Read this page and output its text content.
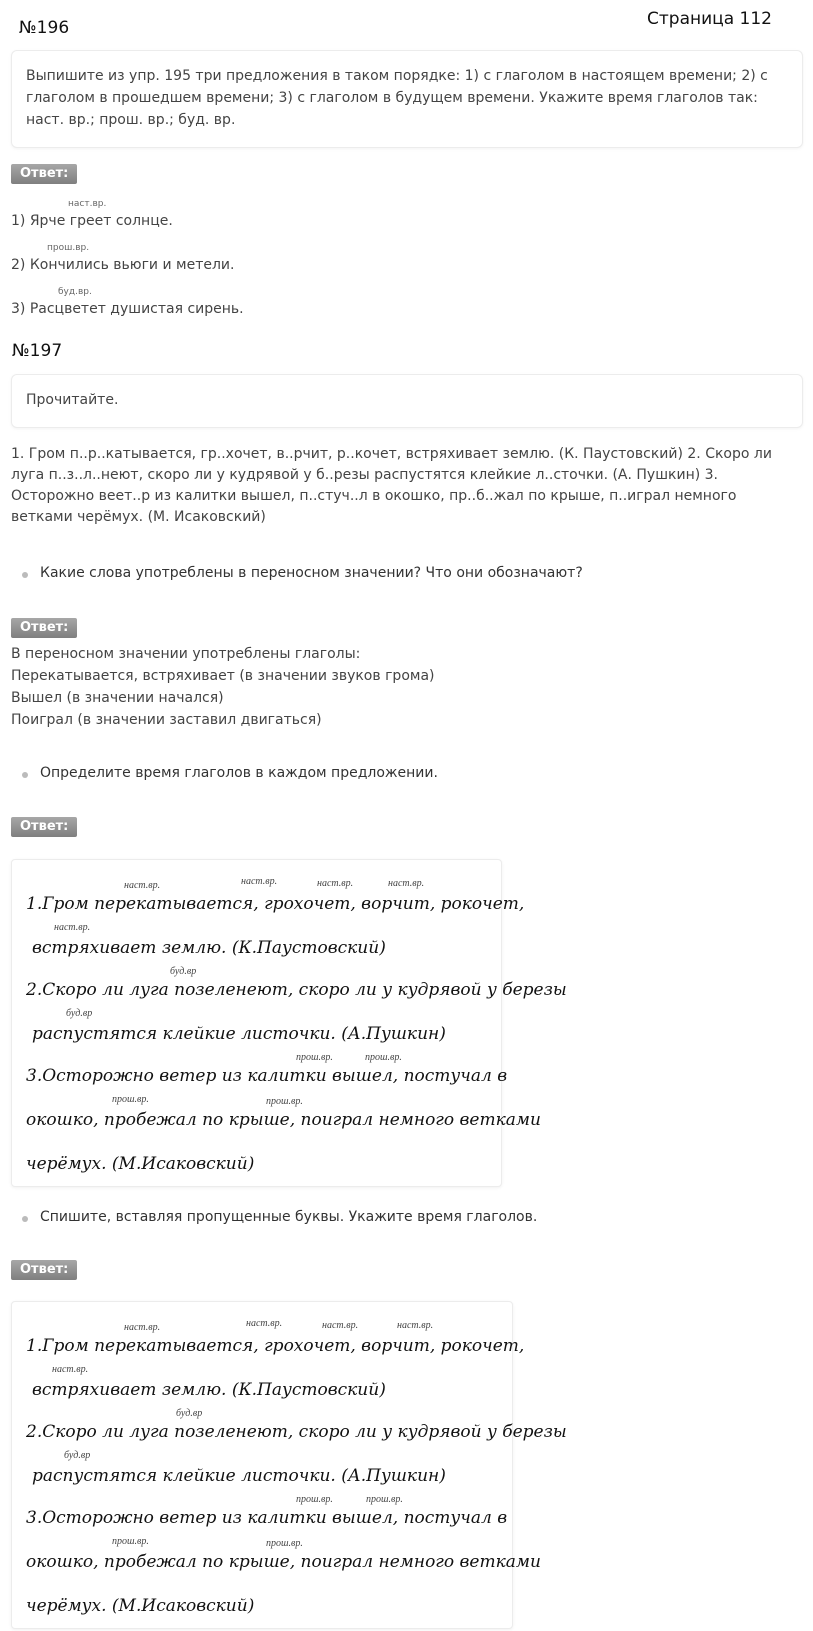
№196	Страница 112
Выпишите из упр. 195 три предложения в таком порядке: 1) с глаголом в настоящем времени; 2) с глаголом в прошедшем времени; 3) с глаголом в будущем времени. Укажите время глаголов так: наст. вр.; прош. вр.; буд. вр.
Ответ:
наст.вр.
1) Ярче греет солнце.
прош.вр.
2) Кончились вьюги и метели.
буд.вр.
3) Расцветет душистая сирень.
№197
Прочитайте.
1. Гром п..р..катывается, гр..хочет, в..рчит, р..кочет, встряхивает землю. (К. Паустовский) 2. Скоро ли луга п..з..л..неют, скоро ли у кудрявой у б..резы распустятся клейкие л..сточки. (А. Пушкин) 3. Осторожно веет..р из калитки вышел, п..стуч..л в окошко, пр..б..жал по крыше, п..играл немного ветками черёмух. (М. Исаковский)
Какие слова употреблены в переносном значении? Что они обозначают?
Ответ:
В переносном значении употреблены глаголы:
Перекатывается, встряхивает (в значении звуков грома)
Вышел (в значении начался)
Поиграл (в значении заставил двигаться)
Определите время глаголов в каждом предложении.
Ответ:
наст.вр.	наст.вр.	наст.вр.	наст.вр.
1.Гром перекатывается, грохочет, ворчит, рокочет,
наст.вр.
встряхивает землю. (К.Паустовский)
буд.вр
2.Скоро ли луга позеленеют, скоро ли у кудрявой у березы
буд.вр
распустятся клейкие листочки. (А.Пушкин)
прош.вр.	прош.вр.
3.Осторожно ветер из калитки вышел, постучал в
прош.вр.	прош.вр.
окошко, пробежал по крыше, поиграл немного ветками
черёмух. (М.Исаковский)
Спишите, вставляя пропущенные буквы. Укажите время глаголов.
Ответ:
наст.вр.	наст.вр.	наст.вр.	наст.вр.
1.Гром перекатывается, грохочет, ворчит, рокочет,
наст.вр.
встряхивает землю. (К.Паустовский)
буд.вр
2.Скоро ли луга позеленеют, скоро ли у кудрявой у березы
буд.вр
распустятся клейкие листочки. (А.Пушкин)
прош.вр.	прош.вр.
3.Осторожно ветер из калитки вышел, постучал в
прош.вр.	прош.вр.
окошко, пробежал по крыше, поиграл немного ветками
черёмух. (М.Исаковский)
